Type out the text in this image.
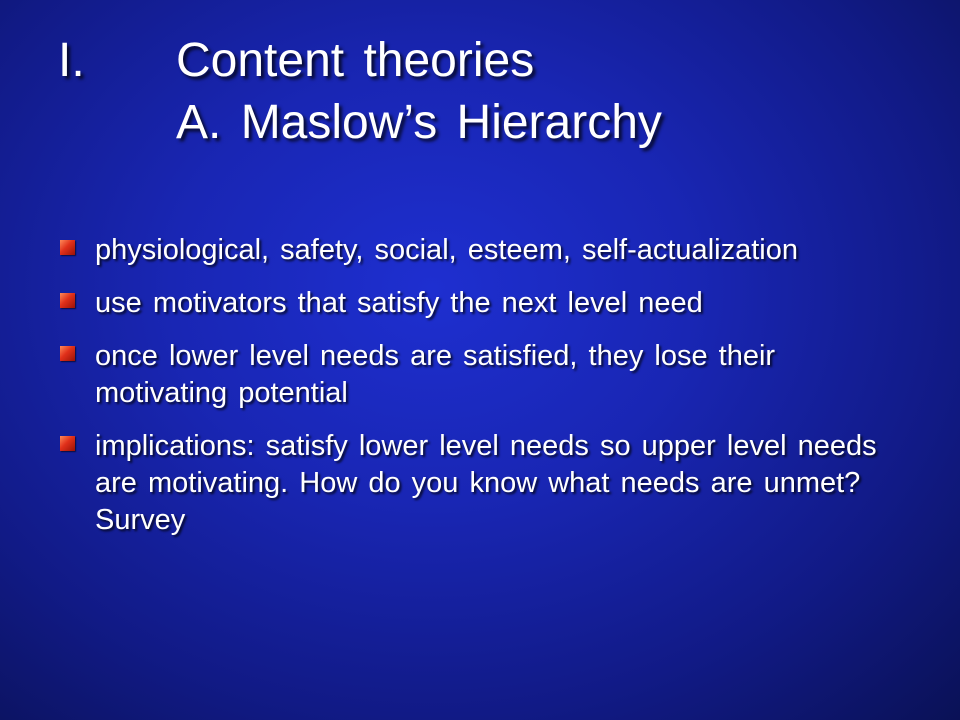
I.	Content theories
A. Maslow’s Hierarchy
physiological, safety, social, esteem, self-actualization
use motivators that satisfy the next level need
once lower level needs are satisfied, they lose their motivating potential
implications: satisfy lower level needs so upper level needs are motivating. How do you know what needs are unmet? Survey
